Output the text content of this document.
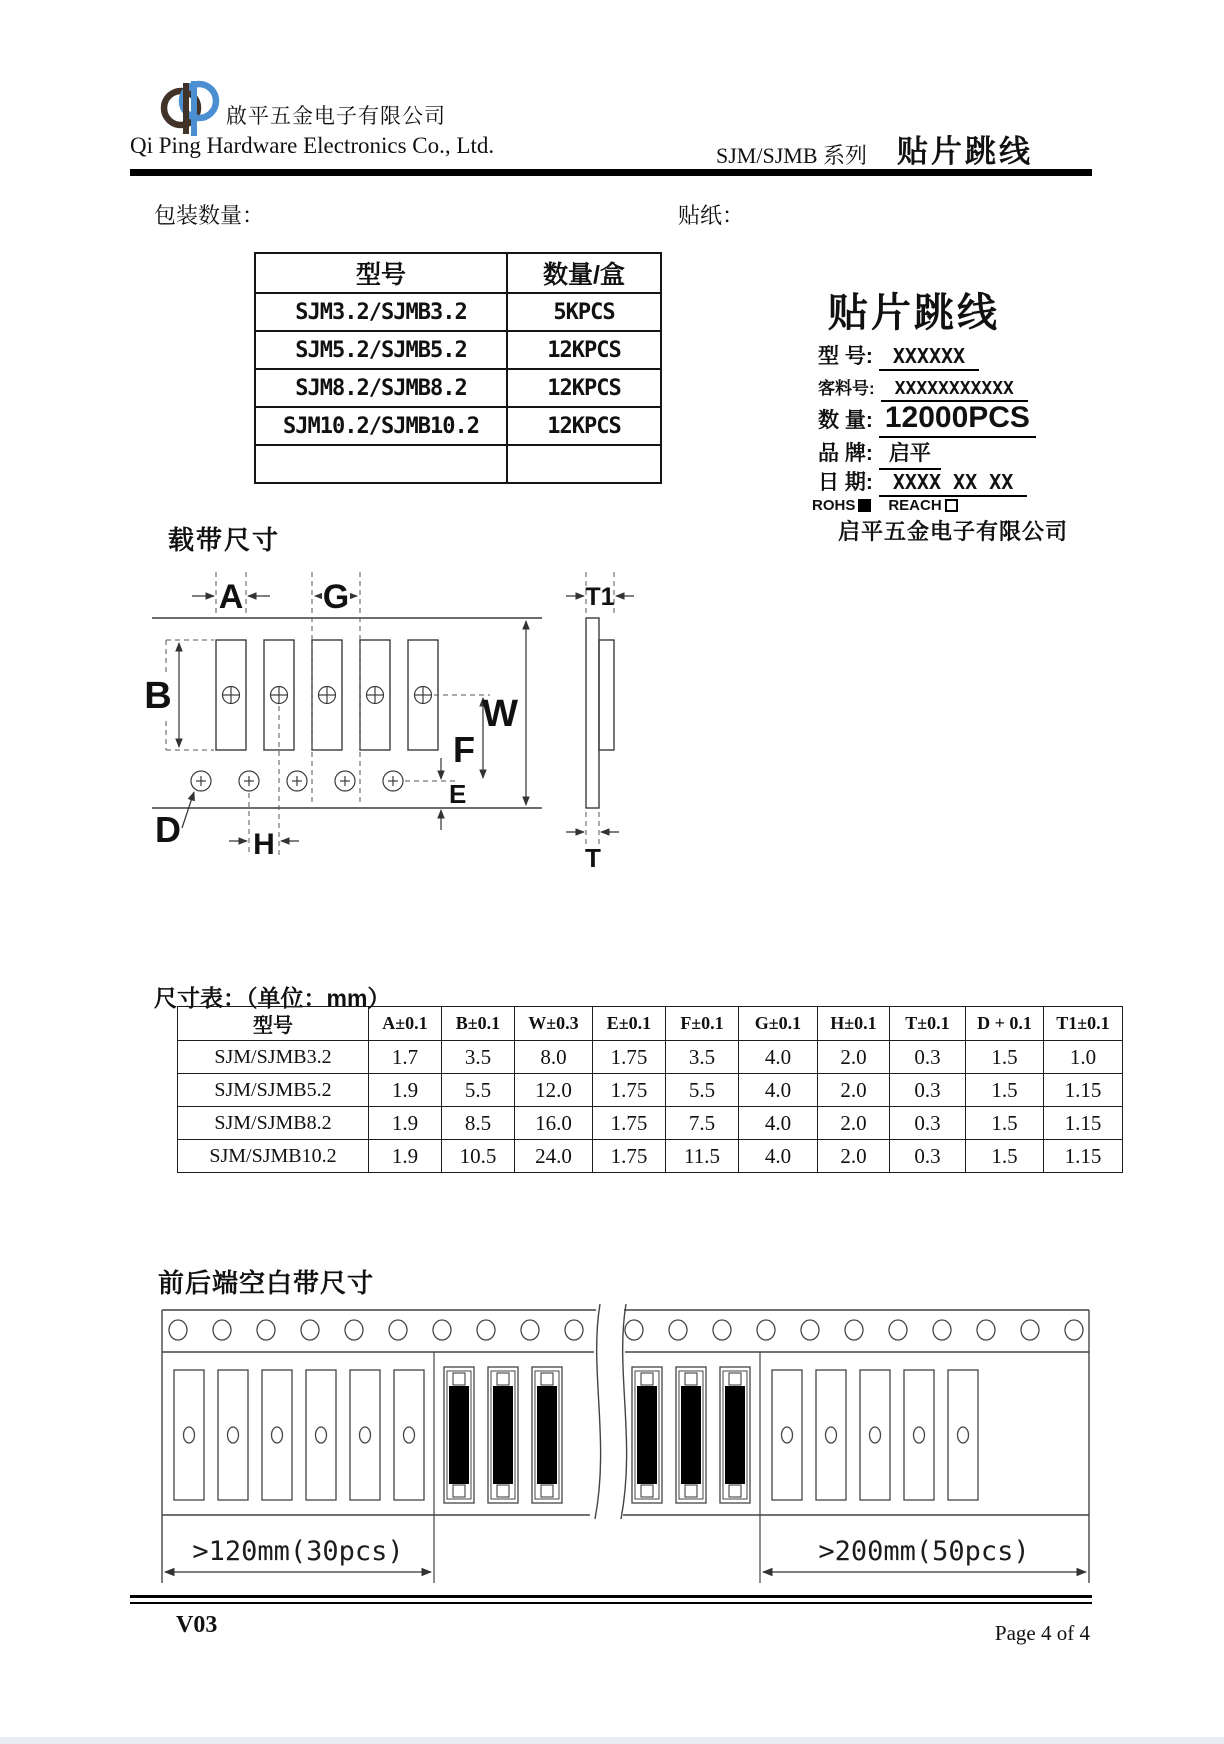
啟平五金电子有限公司
Qi Ping Hardware Electronics Co., Ltd.	SJM/SJMB 系列 贴片跳线
包装数量：
型号	数量/盒
SJM3.2/SJMB3.2	5KPCS
SJM5.2/SJMB5.2	12KPCS
SJM8.2/SJMB8.2	12KPCS
SJM10.2/SJMB10.2	12KPCS

贴纸：
贴片跳线
型 号:	XXXXXX
客料号:	XXXXXXXXXXX
数 量: 12000PCS
品 牌: 启平
日 期:	XXXX XX XX
ROHS REACH
启平五金电子有限公司
载带尺寸
A G	T1
B	W
F
E
H
D
T
尺寸表：（单位：mm）
型号	A±0.1	B±0.1	W±0.3	E±0.1	F±0.1	G±0.1	H±0.1	T±0.1	D + 0.1	T1±0.1
SJM/SJMB3.2	1.7	3.5	8.0	1.75	3.5	4.0	2.0	0.3	1.5	1.0
SJM/SJMB5.2	1.9	5.5	12.0	1.75	5.5	4.0	2.0	0.3	1.5	1.15
SJM/SJMB8.2	1.9	8.5	16.0	1.75	7.5	4.0	2.0	0.3	1.5	1.15
SJM/SJMB10.2	1.9	10.5	24.0	1.75	11.5	4.0	2.0	0.3	1.5	1.15
前后端空白带尺寸
>120mm(30pcs)	>200mm(50pcs)
V03	Page 4 of 4
